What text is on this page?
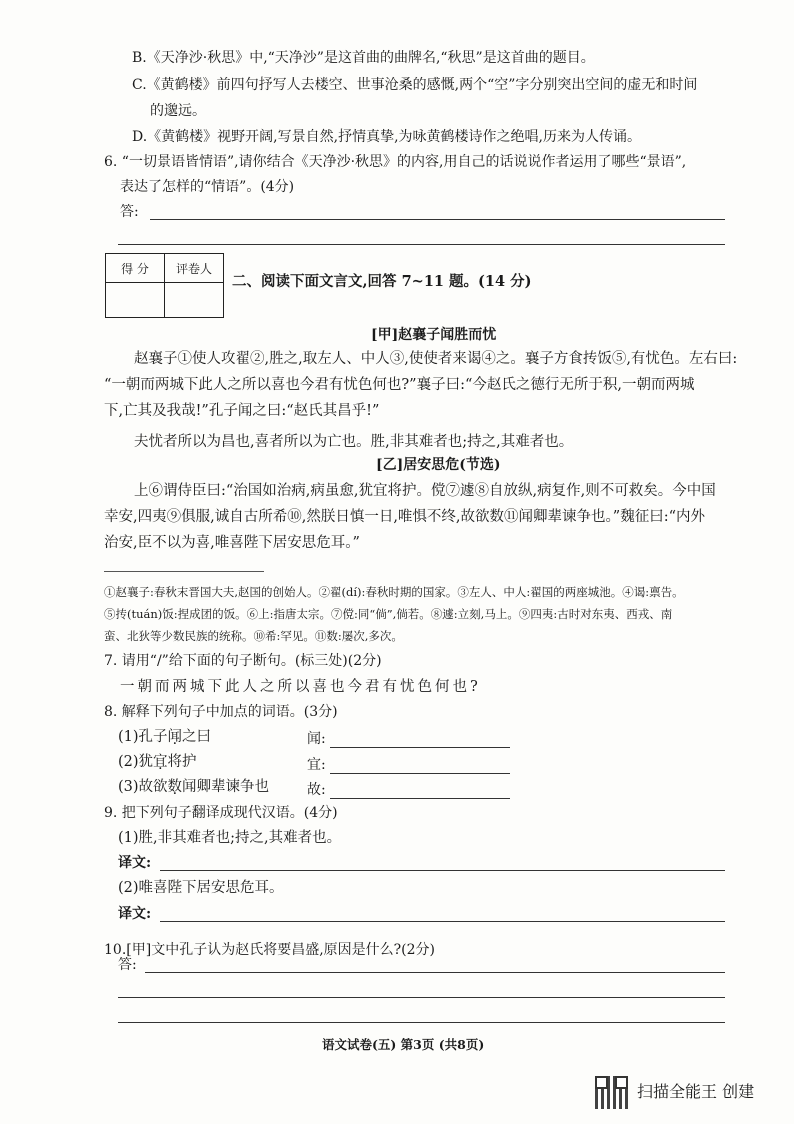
B.《天净沙·秋思》中,“天净沙”是这首曲的曲牌名,“秋思”是这首曲的题目。
C.《黄鹤楼》前四句抒写人去楼空、世事沧桑的感慨,两个“空”字分别突出空间的虚无和时间
的邈远。
D.《黄鹤楼》视野开阔,写景自然,抒情真挚,为咏黄鹤楼诗作之绝唱,历来为人传诵。
6. “一切景语皆情语”,请你结合《天净沙·秋思》的内容,用自己的话说说作者运用了哪些“景语”,
表达了怎样的“情语”。(4分)
答:
得 分	评卷人

二、阅读下面文言文,回答 7~11 题。(14 分)
[甲]赵襄子闻胜而忧
赵襄子①使人攻翟②,胜之,取左人、中人③,使使者来谒④之。襄子方食抟饭⑤,有忧色。左右曰:
“一朝而两城下此人之所以喜也今君有忧色何也?”襄子曰:“今赵氏之德行无所于积,一朝而两城
下,亡其及我哉!”孔子闻之曰:“赵氏其昌乎!”
夫忧者所以为昌也,喜者所以为亡也。胜,非其难者也;持之,其难者也。
[乙]居安思危(节选)
上⑥谓侍臣曰:“治国如治病,病虽愈,犹宜将护。傥⑦遽⑧自放纵,病复作,则不可救矣。今中国
幸安,四夷⑨俱服,诚自古所希⑩,然朕日慎一日,唯惧不终,故欲数⑪闻卿辈谏争也。”魏征曰:“内外
治安,臣不以为喜,唯喜陛下居安思危耳。”
①赵襄子:春秋末晋国大夫,赵国的创始人。②翟(dí):春秋时期的国家。③左人、中人:翟国的两座城池。④谒:禀告。
⑤抟(tuán)饭:捏成团的饭。⑥上:指唐太宗。⑦傥:同“倘”,倘若。⑧遽:立刻,马上。⑨四夷:古时对东夷、西戎、南
蛮、北狄等少数民族的统称。⑩希:罕见。⑪数:屡次,多次。
7. 请用“/”给下面的句子断句。(标三处)(2分)
一朝而两城下此人之所以喜也今君有忧色何也?
8. 解释下列句子中加点的词语。(3分)
(1)孔子闻之曰	闻:
(2)犹宜将护	宜:
(3)故欲数闻卿辈谏争也	故:
9. 把下列句子翻译成现代汉语。(4分)
(1)胜,非其难者也;持之,其难者也。
译文:
(2)唯喜陛下居安思危耳。
译文:
10.[甲]文中孔子认为赵氏将要昌盛,原因是什么?(2分)
答:
语文试卷(五) 第3页 (共8页)
扫描全能王 创建
